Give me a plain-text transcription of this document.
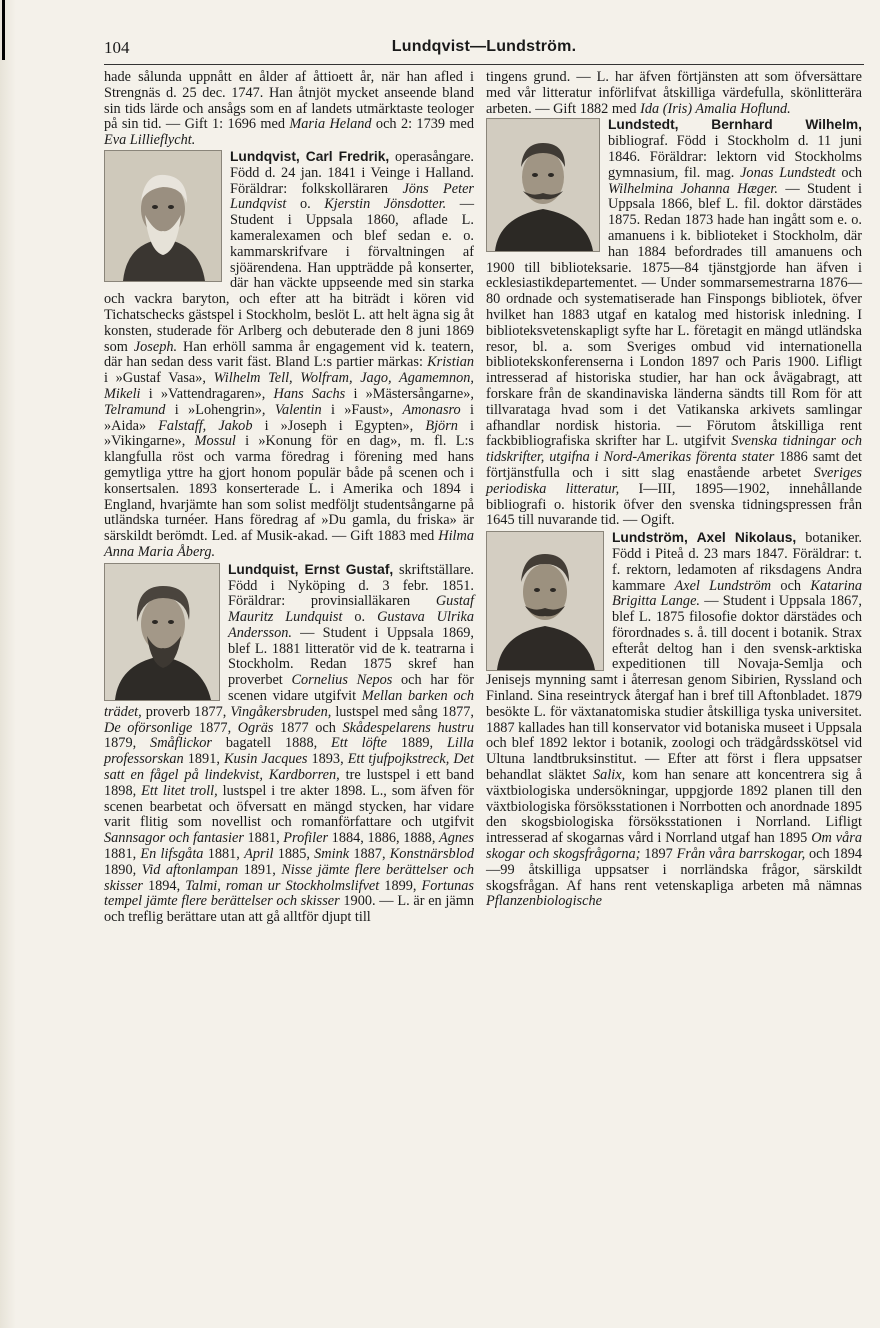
104	Lundqvist—Lundström.

hade sålunda uppnått en ålder af åttioett år, när han afled i Strengnäs d. 25 dec. 1747. Han åtnjöt mycket anseende bland sin tids lärde och ansågs som en af landets utmärktaste teologer på sin tid. — Gift 1: 1696 med Maria Heland och 2: 1739 med Eva Lillieflycht.

Lundqvist, Carl Fredrik,
operasångare. Född d. 24 jan. 1841 i Veinge i Halland. Föräldrar: folkskolläraren Jöns Peter Lundqvist o. Kjerstin Jönsdotter. — Student i Uppsala 1860, aflade L. kameralexamen och blef sedan e. o. kammarskrifvare i förvaltningen af sjöärendena. Han uppträdde på konserter, där han väckte uppseende med sin starka och vackra baryton, och efter att ha biträdt i kören vid Tichatschecks gästspel i Stockholm, beslöt L. att helt ägna sig åt konsten, studerade för Arlberg och debuterade den 8 juni 1869 som Joseph. Han erhöll samma år engagement vid k. teatern, där han sedan dess varit fäst. Bland L:s partier märkas: Kristian i »Gustaf Vasa», Wilhelm Tell, Wolfram, Jago, Agamemnon, Mikeli i »Vattendragaren», Hans Sachs i »Mästersångarne», Telramund i »Lohengrin», Valentin i »Faust», Amonasro i »Aida» Falstaff, Jakob i »Joseph i Egypten», Björn i »Vikingarne», Mossul i »Konung för en dag», m. fl. L:s klangfulla röst och varma föredrag i förening med hans gemytliga yttre ha gjort honom populär både på scenen och i konsertsalen. 1893 konserterade L. i Amerika och 1894 i England, hvarjämte han som solist medföljt studentsångarne på utländska turnéer. Hans föredrag af »Du gamla, du friska» är särskildt berömdt. Led. af Musik-akad. — Gift 1883 med Hilma Anna Maria Åberg.

Lundquist, Ernst Gustaf,
skriftställare. Född i Nyköping d. 3 febr. 1851. Föräldrar: provinsialläkaren Gustaf Mauritz Lundquist o. Gustava Ulrika Andersson. — Student i Uppsala 1869, blef L. 1881 litteratör vid de k. teatrarna i Stockholm. Redan 1875 skref han proverbet Cornelius Nepos och har för scenen vidare utgifvit Mellan barken och trädet, proverb 1877, Vingåkersbruden, lustspel med sång 1877, De oförsonlige 1877, Ogräs 1877 och Skådespelarens hustru 1879, Småflickor bagatell 1888, Ett löfte 1889, Lilla professorskan 1891, Kusin Jacques 1893, Ett tjufpojkstreck, Det satt en fågel på lindekvist, Kardborren, tre lustspel i ett band 1898, Ett litet troll, lustspel i tre akter 1898. L., som äfven för scenen bearbetat och öfversatt en mängd stycken, har vidare varit flitig som novellist och romanförfattare och utgifvit Sannsagor och fantasier 1881, Profiler 1884, 1886, 1888, Agnes 1881, En lifsgåta 1881, April 1885, Smink 1887, Konstnärsblod 1890, Vid aftonlampan 1891, Nisse jämte flere berättelser och skisser 1894, Talmi, roman ur Stockholmslifvet 1899, Fortunas tempel jämte flere berättelser och skisser 1900. — L. är en jämn och treflig berättare utan att gå alltför djupt till

tingens grund. — L. har äfven förtjänsten att som öfversättare med vår litteratur införlifvat åtskilliga värdefulla, skönlitterära arbeten. — Gift 1882 med Ida (Iris) Amalia Hoflund.

Lundstedt, Bernhard Wilhelm,
bibliograf. Född i Stockholm d. 11 juni 1846. Föräldrar: lektorn vid Stockholms gymnasium, fil. mag. Jonas Lundstedt och Wilhelmina Johanna Hæger. — Student i Uppsala 1866, blef L. fil. doktor därstädes 1875. Redan 1873 hade han ingått som e. o. amanuens i k. biblioteket i Stockholm, där han 1884 befordrades till amanuens och 1900 till biblioteksarie. 1875—84 tjänstgjorde han äfven i ecklesiastikdepartementet. — Under sommarsemestrarna 1876—80 ordnade och systematiserade han Finspongs bibliotek, öfver hvilket han 1883 utgaf en katalog med historisk inledning. I biblioteksvetenskapligt syfte har L. företagit en mängd utländska resor, bl. a. som Sveriges ombud vid internationella bibliotekskonferenserna i London 1897 och Paris 1900. Lifligt intresserad af historiska studier, har han ock åvägabragt, att forskare från de skandinaviska länderna sändts till Rom för att tillvarataga hvad som i det Vatikanska arkivets samlingar afhandlar nordisk historia. — Förutom åtskilliga rent fackbibliografiska skrifter har L. utgifvit Svenska tidningar och tidskrifter, utgifna i Nord-Amerikas förenta stater 1886 samt det förtjänstfulla och i sitt slag enastående arbetet Sveriges periodiska litteratur, I—III, 1895—1902, innehållande bibliografi o. historik öfver den svenska tidningspressen från 1645 till nuvarande tid. — Ogift.

Lundström, Axel Nikolaus,
botaniker. Född i Piteå d. 23 mars 1847. Föräldrar: t. f. rektorn, ledamoten af riksdagens Andra kammare Axel Lundström och Katarina Brigitta Lange. — Student i Uppsala 1867, blef L. 1875 filosofie doktor därstädes och förordnades s. å. till docent i botanik. Strax efteråt deltog han i den svensk-arktiska expeditionen till Novaja-Semlja och Jenisejs mynning samt i återresan genom Sibirien, Ryssland och Finland. Sina reseintryck återgaf han i bref till Aftonbladet. 1879 besökte L. för växtanatomiska studier åtskilliga tyska universitet. 1887 kallades han till konservator vid botaniska museet i Uppsala och blef 1892 lektor i botanik, zoologi och trädgårdsskötsel vid Ultuna landtbruksinstitut. — Efter att först i flera uppsatser behandlat släktet Salix, kom han senare att koncentrera sig å växtbiologiska undersökningar, uppgjorde 1892 planen till den växtbiologiska försöksstationen i Norrbotten och anordnade 1895 den skogsbiologiska försöksstationen i Norrland. Lifligt intresserad af skogarnas vård i Norrland utgaf han 1895 Om våra skogar och skogsfrågorna; 1897 Från våra barrskogar, och 1894—99 åtskilliga uppsatser i norrländska frågor, särskildt skogsfrågan. Af hans rent vetenskapliga arbeten må nämnas Pflanzenbiologische
